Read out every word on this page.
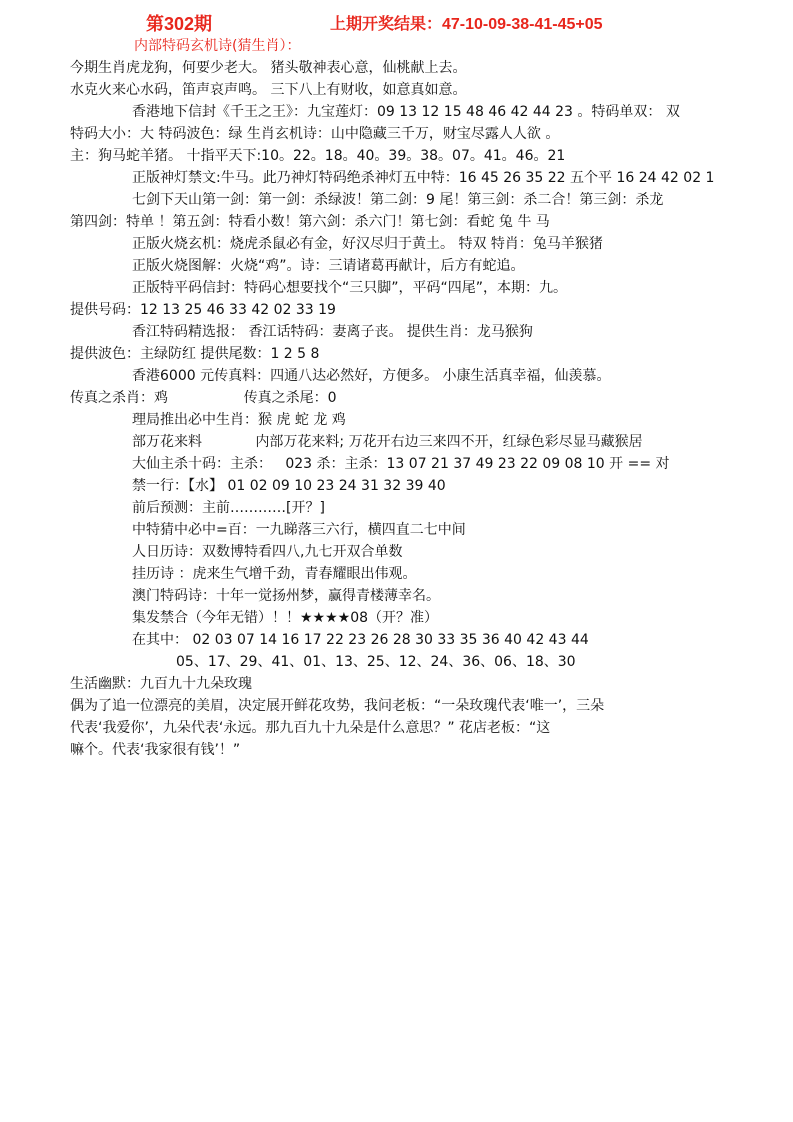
第302期	上期开奖结果：47-10-09-38-41-45+05
内部特码玄机诗(猜生肖）：
今期生肖虎龙狗，何要少老大。 猪头敬神表心意，仙桃献上去。
水克火来心水码，笛声哀声鸣。 三下八上有财收，如意真如意。
香港地下信封《千王之王》：九宝莲灯：09 13 12 15 48 46 42 44 23 。特码单双： 双
特码大小：大 特码波色：绿 生肖玄机诗：山中隐藏三千万，财宝尽露人人欲 。
主：狗马蛇羊猪。 十指平天下:10。22。18。40。39。38。07。41。46。21
正版神灯禁文:牛马。此乃神灯特码绝杀神灯五中特：16 45 26 35 22 五个平 16 24 42 02 1
七剑下天山第一剑：第一剑：杀绿波！第二剑：9 尾！第三剑：杀二合！第三剑：杀龙
第四剑：特单 ！第五剑：特看小数！第六剑：杀六门！第七剑：看蛇 兔 牛 马
正版火烧玄机：烧虎杀鼠必有金，好汉尽归于黄土。 特双 特肖：兔马羊猴猪
正版火烧图解：火烧“鸡”。诗：三请诸葛再献计，后方有蛇追。
正版特平码信封：特码心想要找个“三只脚”，平码“四尾”，本期：九。
提供号码：12 13 25 46 33 42 02 33 19
香江特码精选报： 香江话特码：妻离子丧。 提供生肖：龙马猴狗
提供波色：主绿防红 提供尾数：1 2 5 8
香港6000 元传真料：四通八达必然好，方便多。 小康生活真幸福，仙羡慕。
传真之杀肖：鸡                 传真之杀尾：0
理局推出必中生肖：猴 虎 蛇 龙 鸡
部万花来料            内部万花来料; 万花开右边三来四不开，红绿色彩尽显马藏猴居
大仙主杀十码：主杀：   023 杀：主杀：13 07 21 37 49 23 22 09 08 10 开 == 对
禁一行：【水】 01 02 09 10 23 24 31 32 39 40
前后预测：主前…………[开？]
中特猜中必中=百：一九睇落三六行，横四直二七中间
人日历诗：双数博特看四八,九七开双合单数
挂历诗 ：虎来生气增千劲，青春耀眼出伟观。
澳门特码诗：十年一觉扬州梦，赢得青楼薄幸名。
集发禁合（今年无错）！！★★★★08（开？准）
在其中： 02 03 07 14 16 17 22 23 26 28 30 33 35 36 40 42 43 44
05、17、29、41、01、13、25、12、24、36、06、18、30
生活幽默：九百九十九朵玫瑰
偶为了追一位漂亮的美眉，决定展开鲜花攻势，我问老板：“一朵玫瑰代表‘唯一’，三朵
代表‘我爱你’，九朵代表‘永远。那九百九十九朵是什么意思？” 花店老板：“这
嘛个。代表‘我家很有钱’！”
